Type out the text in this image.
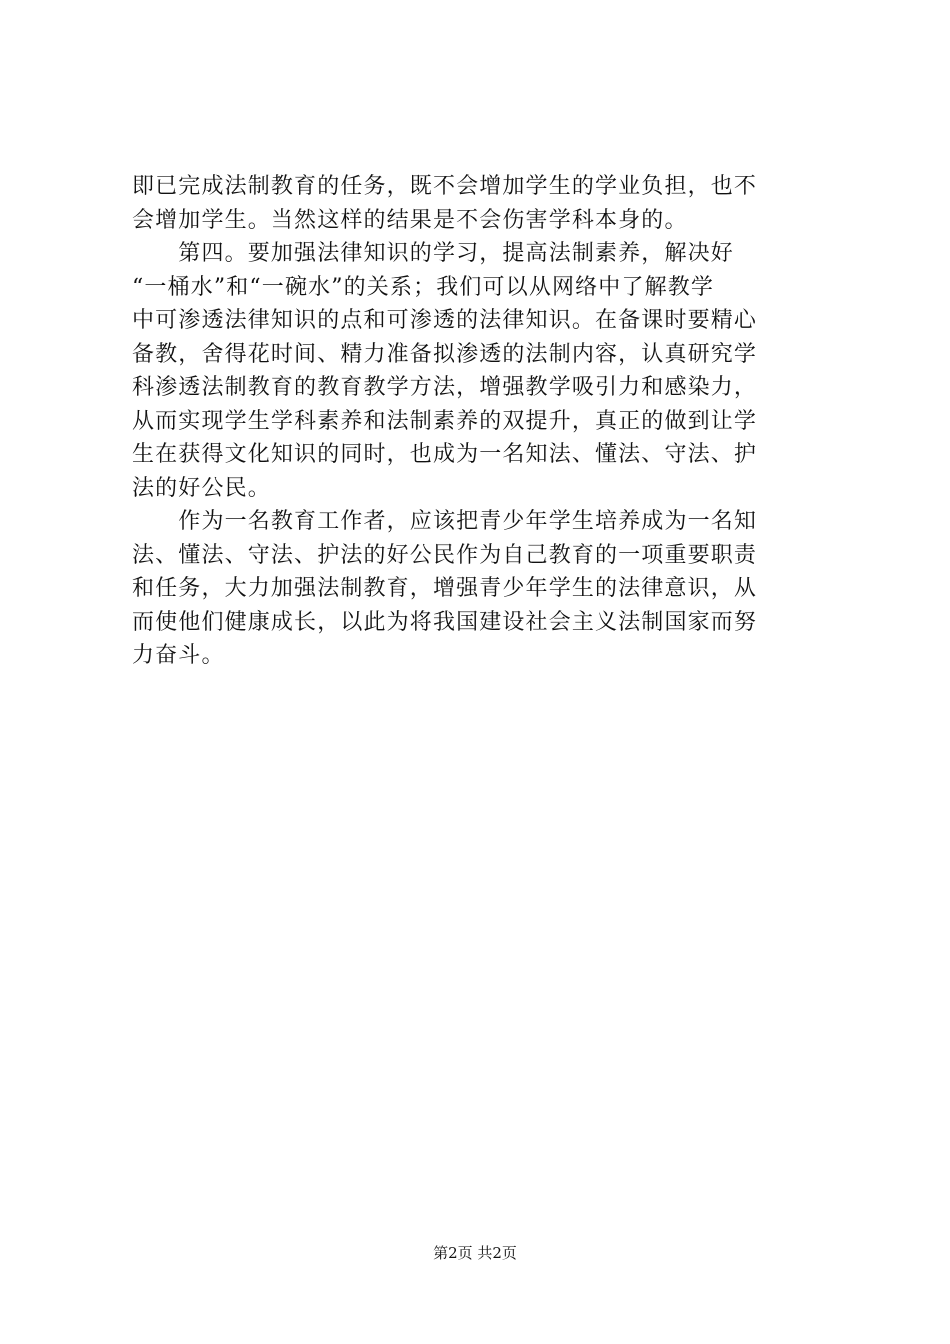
即已完成法制教育的任务，既不会增加学生的学业负担，也不
会增加学生。当然这样的结果是不会伤害学科本身的。
　　第四。要加强法律知识的学习，提高法制素养，解决好
“一桶水”和“一碗水”的关系；我们可以从网络中了解教学
中可渗透法律知识的点和可渗透的法律知识。在备课时要精心
备教，舍得花时间、精力准备拟渗透的法制内容，认真研究学
科渗透法制教育的教育教学方法，增强教学吸引力和感染力，
从而实现学生学科素养和法制素养的双提升，真正的做到让学
生在获得文化知识的同时，也成为一名知法、懂法、守法、护
法的好公民。
　　作为一名教育工作者，应该把青少年学生培养成为一名知
法、懂法、守法、护法的好公民作为自己教育的一项重要职责
和任务，大力加强法制教育，增强青少年学生的法律意识，从
而使他们健康成长，以此为将我国建设社会主义法制国家而努
力奋斗。
第2页 共2页
